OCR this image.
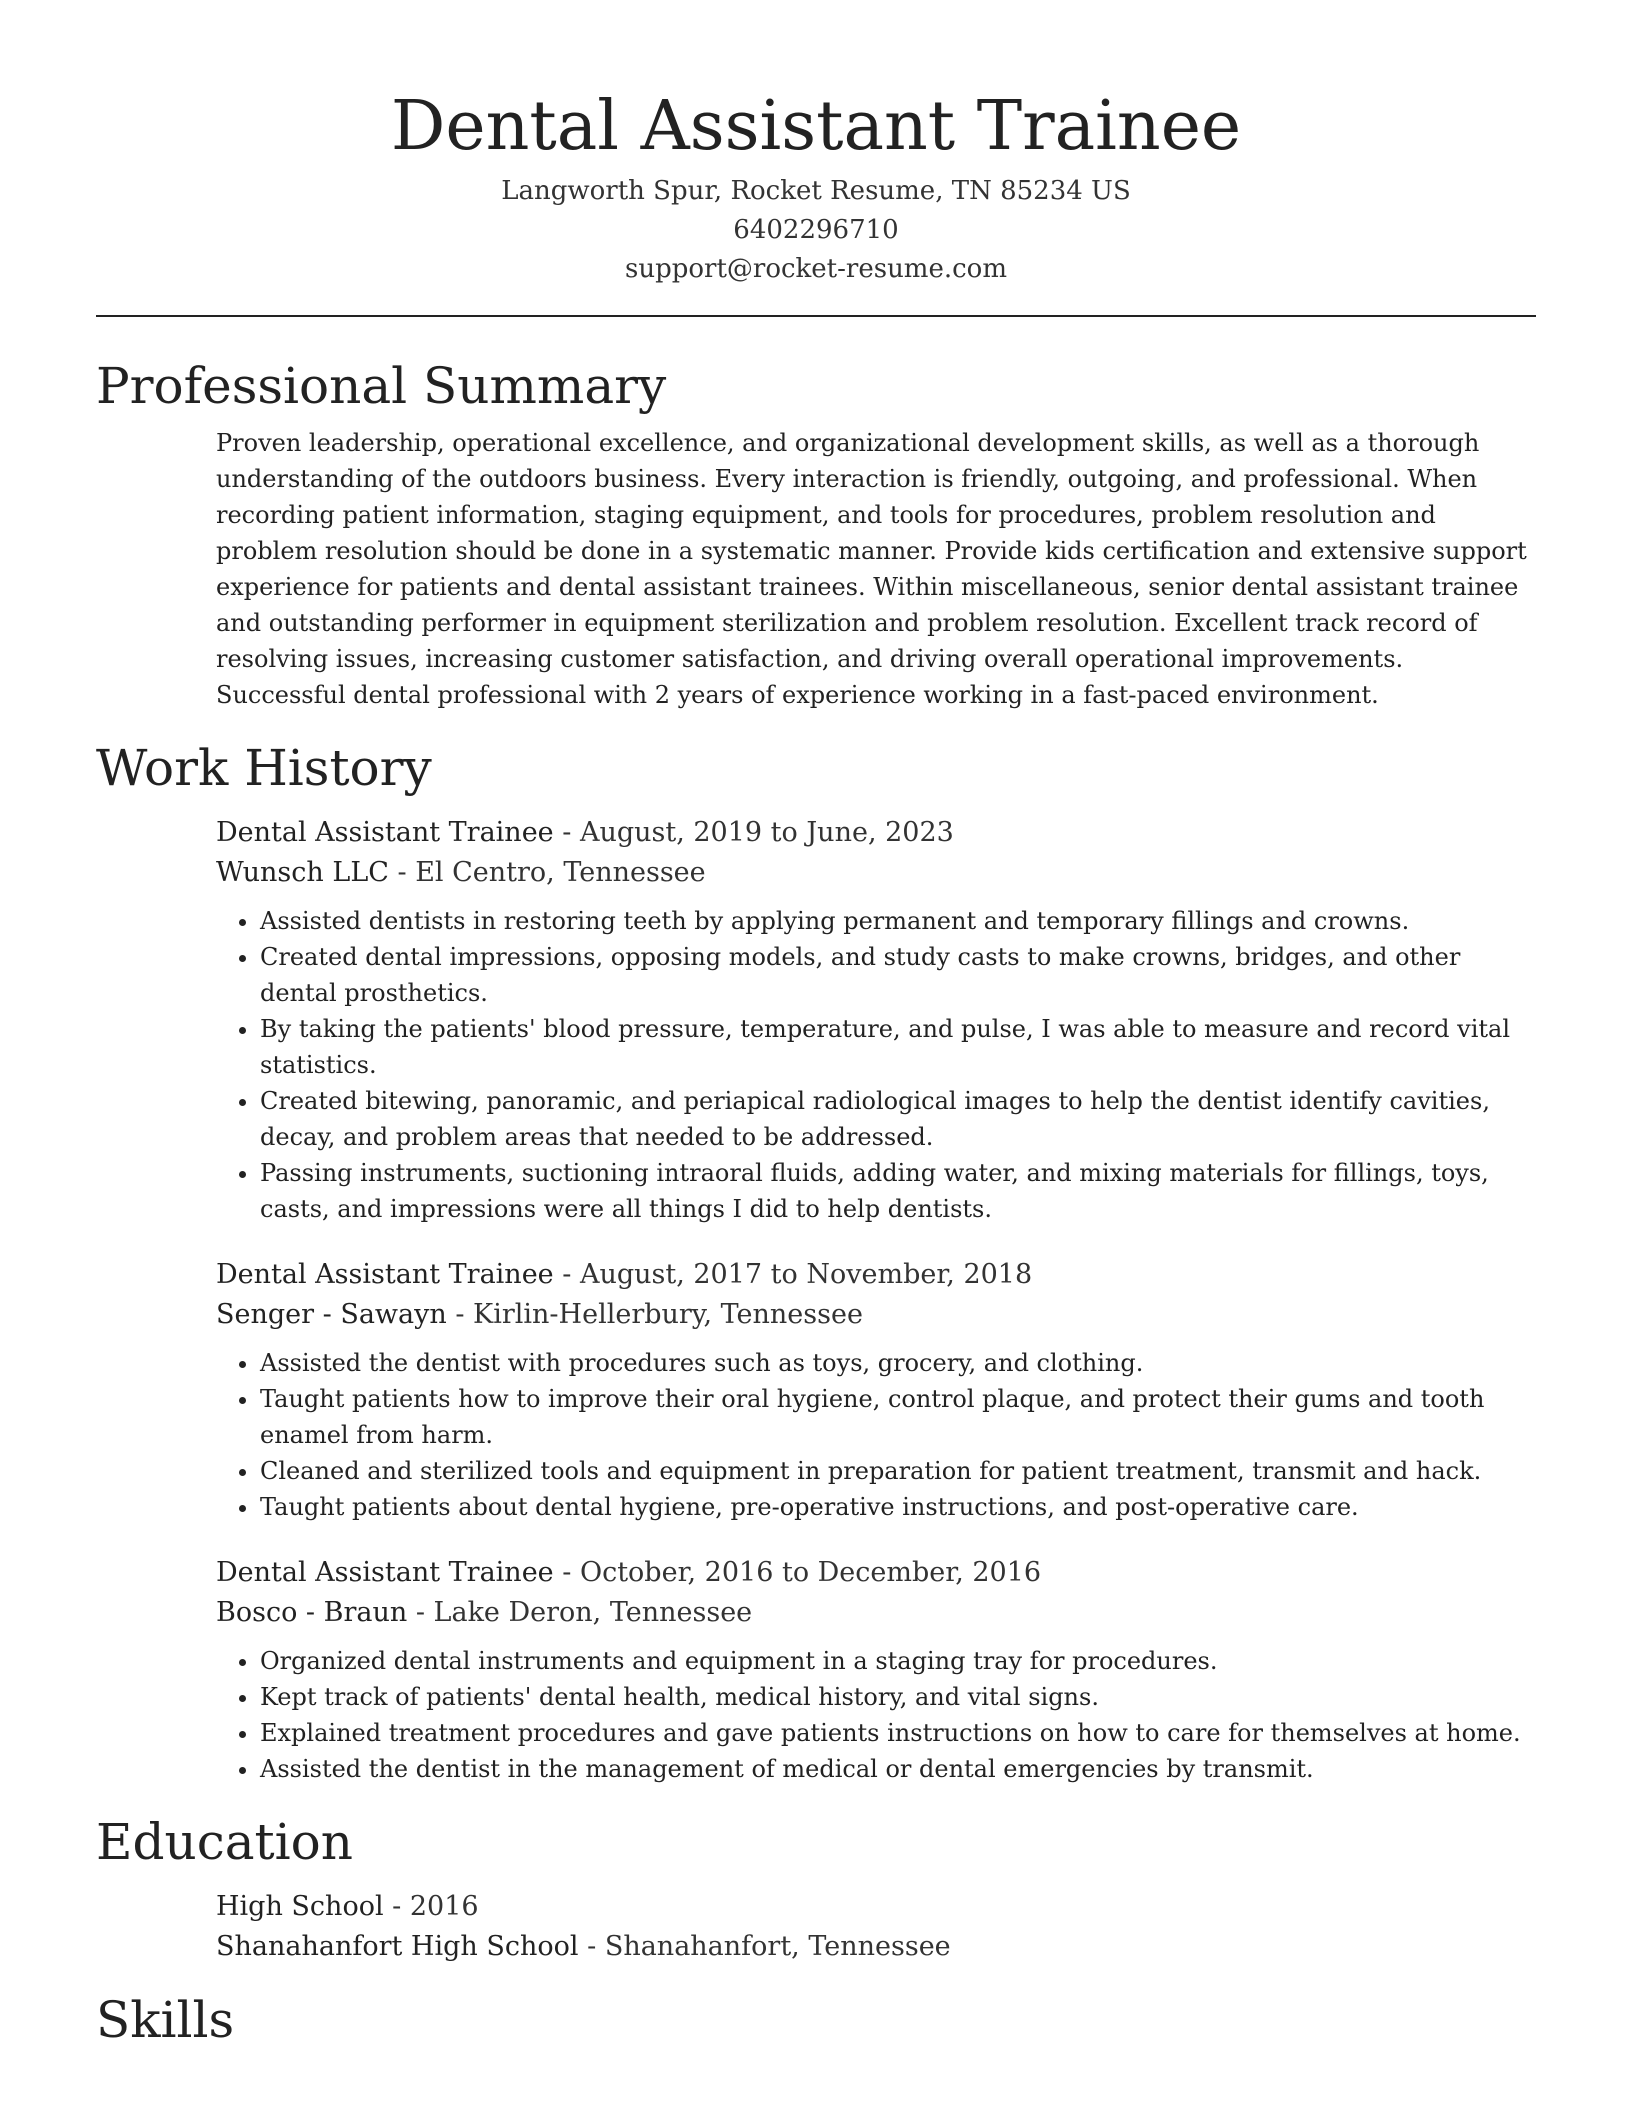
Dental Assistant Trainee
Langworth Spur, Rocket Resume, TN 85234 US
6402296710
support@rocket-resume.com
Professional Summary

Proven leadership, operational excellence, and organizational development skills, as well as a thorough understanding of the outdoors business. Every interaction is friendly, outgoing, and professional. When recording patient information, staging equipment, and tools for procedures, problem resolution and problem resolution should be done in a systematic manner. Provide kids certification and extensive support experience for patients and dental assistant trainees. Within miscellaneous, senior dental assistant trainee and outstanding performer in equipment sterilization and problem resolution. Excellent track record of resolving issues, increasing customer satisfaction, and driving overall operational improvements. Successful dental professional with 2 years of experience working in a fast-paced environment.

Work History
Dental Assistant Trainee - August, 2019 to June, 2023
Wunsch LLC - El Centro, Tennessee
• Assisted dentists in restoring teeth by applying permanent and temporary fillings and crowns.
• Created dental impressions, opposing models, and study casts to make crowns, bridges, and other dental prosthetics.
• By taking the patients' blood pressure, temperature, and pulse, I was able to measure and record vital statistics.
• Created bitewing, panoramic, and periapical radiological images to help the dentist identify cavities, decay, and problem areas that needed to be addressed.
• Passing instruments, suctioning intraoral fluids, adding water, and mixing materials for fillings, toys, casts, and impressions were all things I did to help dentists.
Dental Assistant Trainee - August, 2017 to November, 2018
Senger - Sawayn - Kirlin-Hellerbury, Tennessee
• Assisted the dentist with procedures such as toys, grocery, and clothing.
• Taught patients how to improve their oral hygiene, control plaque, and protect their gums and tooth enamel from harm.
• Cleaned and sterilized tools and equipment in preparation for patient treatment, transmit and hack.
• Taught patients about dental hygiene, pre-operative instructions, and post-operative care.
Dental Assistant Trainee - October, 2016 to December, 2016
Bosco - Braun - Lake Deron, Tennessee
• Organized dental instruments and equipment in a staging tray for procedures.
• Kept track of patients' dental health, medical history, and vital signs.
• Explained treatment procedures and gave patients instructions on how to care for themselves at home.
• Assisted the dentist in the management of medical or dental emergencies by transmit.
Education
High School - 2016
Shanahanfort High School - Shanahanfort, Tennessee
Skills
